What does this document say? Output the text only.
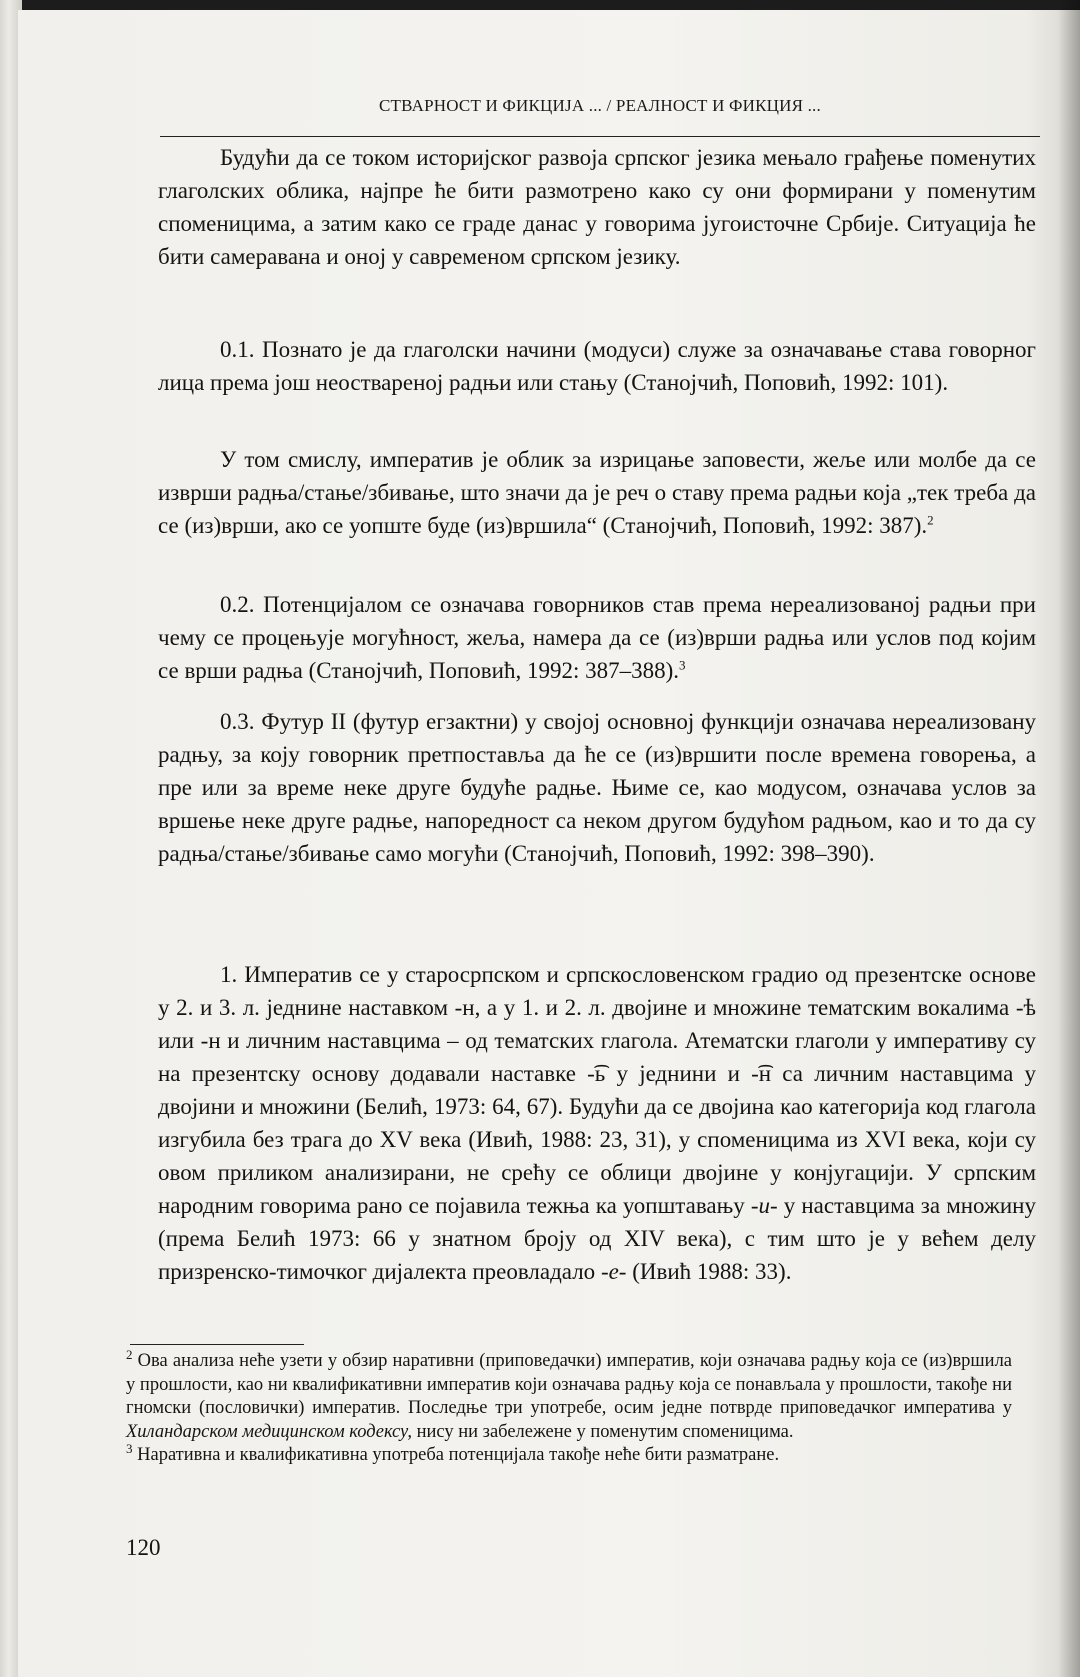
СТВАРНОСТ И ФИКЦИЈА ... / РЕАЛНОСТ И ФИКЦИЯ ...
Будући да се током историјског развоја српског језика мењало грађење поменутих глаголских облика, најпре ће бити размотрено како су они формирани у поменутим споменицима, а затим како се граде данас у говорима југоисточне Србије. Ситуација ће бити самеравана и оној у савременом српском језику.
0.1. Познато је да глаголски начини (модуси) служе за означавање става говорног лица према још неоствареној радњи или стању (Станојчић, Поповић, 1992: 101).
У том смислу, императив је облик за изрицање заповести, жеље или молбе да се изврши радња/стање/збивање, што значи да је реч о ставу према радњи која „тек треба да се (из)врши, ако се уопште буде (из)вршила“ (Станојчић, Поповић, 1992: 387).$^2$
0.2. Потенцијалом се означава говорников став према нереализованој радњи при чему се процењује могућност, жеља, намера да се (из)врши радња или услов под којим се врши радња (Станојчић, Поповић, 1992: 387–388).$^3$
0.3. Футур II (футур егзактни) у својој основној функцији означава нереализовану радњу, за коју говорник претпоставља да ће се (из)вршити после времена говорења, а пре или за време неке друге будуће радње. Њиме се, као модусом, означава услов за вршење неке друге радње, напоредност са неком другом будућом радњом, као и то да су радња/стање/збивање само могући (Станојчић, Поповић, 1992: 398–390).
1. Императив се у старосрпском и српскословенском градио од презентске основе у 2. и 3. л. једнине наставком -н, а у 1. и 2. л. двојине и множине тематским вокалима -ѣ или -н и личним наставцима – од тематских глагола. Атематски глаголи у императиву су на презентску основу додавали наставке -͡ь у једнини и -͡н са личним наставцима у двојини и множини (Белић, 1973: 64, 67). Будући да се двојина као категорија код глагола изгубила без трага до XV века (Ивић, 1988: 23, 31), у споменицима из XVI века, који су овом приликом анализирани, не срећу се облици двојине у конјугацији. У српским народним говорима рано се појавила тежња ка уопштавању -и- у наставцима за множину (према Белић 1973: 66 у знатном броју од XIV века), с тим што је у већем делу призренско-тимочког дијалекта преовладало -е- (Ивић 1988: 33).

$^2$ Ова анализа неће узети у обзир наративни (приповедачки) императив, који означава радњу која се (из)вршила у прошлости, као ни квалификативни императив који означава радњу која се понављала у прошлости, такође ни гномски (пословички) императив. Последње три употребе, осим једне потврде приповедачког императива у Хиландарском медицинском кодексу, нису ни забележене у поменутим споменицима.

$^3$ Наративна и квалификативна употреба потенцијала такође неће бити разматране.

120
